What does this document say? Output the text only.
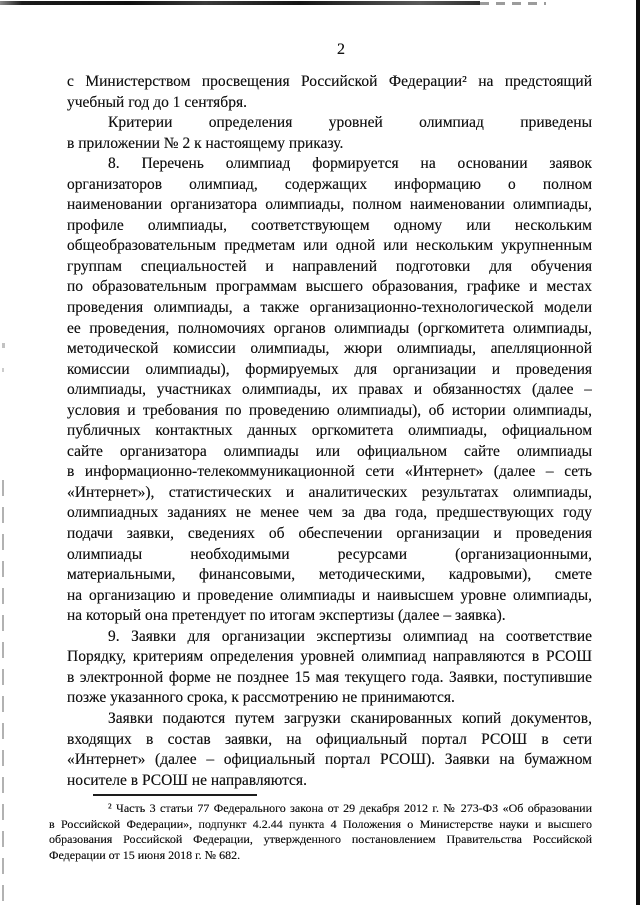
2
с Министерством просвещения Российской Федерации² на предстоящий
учебный год до 1 сентября.
Критерии определения уровней олимпиад приведены
в приложении № 2 к настоящему приказу.
8. Перечень олимпиад формируется на основании заявок
организаторов олимпиад, содержащих информацию о полном
наименовании организатора олимпиады, полном наименовании олимпиады,
профиле олимпиады, соответствующем одному или нескольким
общеобразовательным предметам или одной или нескольким укрупненным
группам специальностей и направлений подготовки для обучения
по образовательным программам высшего образования, графике и местах
проведения олимпиады, а также организационно-технологической модели
ее проведения, полномочиях органов олимпиады (оргкомитета олимпиады,
методической комиссии олимпиады, жюри олимпиады, апелляционной
комиссии олимпиады), формируемых для организации и проведения
олимпиады, участниках олимпиады, их правах и обязанностях (далее –
условия и требования по проведению олимпиады), об истории олимпиады,
публичных контактных данных оргкомитета олимпиады, официальном
сайте организатора олимпиады или официальном сайте олимпиады
в информационно-телекоммуникационной сети «Интернет» (далее – сеть
«Интернет»), статистических и аналитических результатах олимпиады,
олимпиадных заданиях не менее чем за два года, предшествующих году
подачи заявки, сведениях об обеспечении организации и проведения
олимпиады необходимыми ресурсами (организационными,
материальными, финансовыми, методическими, кадровыми), смете
на организацию и проведение олимпиады и наивысшем уровне олимпиады,
на который она претендует по итогам экспертизы (далее – заявка).
9. Заявки для организации экспертизы олимпиад на соответствие
Порядку, критериям определения уровней олимпиад направляются в РСОШ
в электронной форме не позднее 15 мая текущего года. Заявки, поступившие
позже указанного срока, к рассмотрению не принимаются.
Заявки подаются путем загрузки сканированных копий документов,
входящих в состав заявки, на официальный портал РСОШ в сети
«Интернет» (далее – официальный портал РСОШ). Заявки на бумажном
носителе в РСОШ не направляются.
² Часть 3 статьи 77 Федерального закона от 29 декабря 2012 г. № 273-ФЗ «Об образовании
в Российской Федерации», подпункт 4.2.44 пункта 4 Положения о Министерстве науки и высшего
образования Российской Федерации, утвержденного постановлением Правительства Российской
Федерации от 15 июня 2018 г. № 682.
